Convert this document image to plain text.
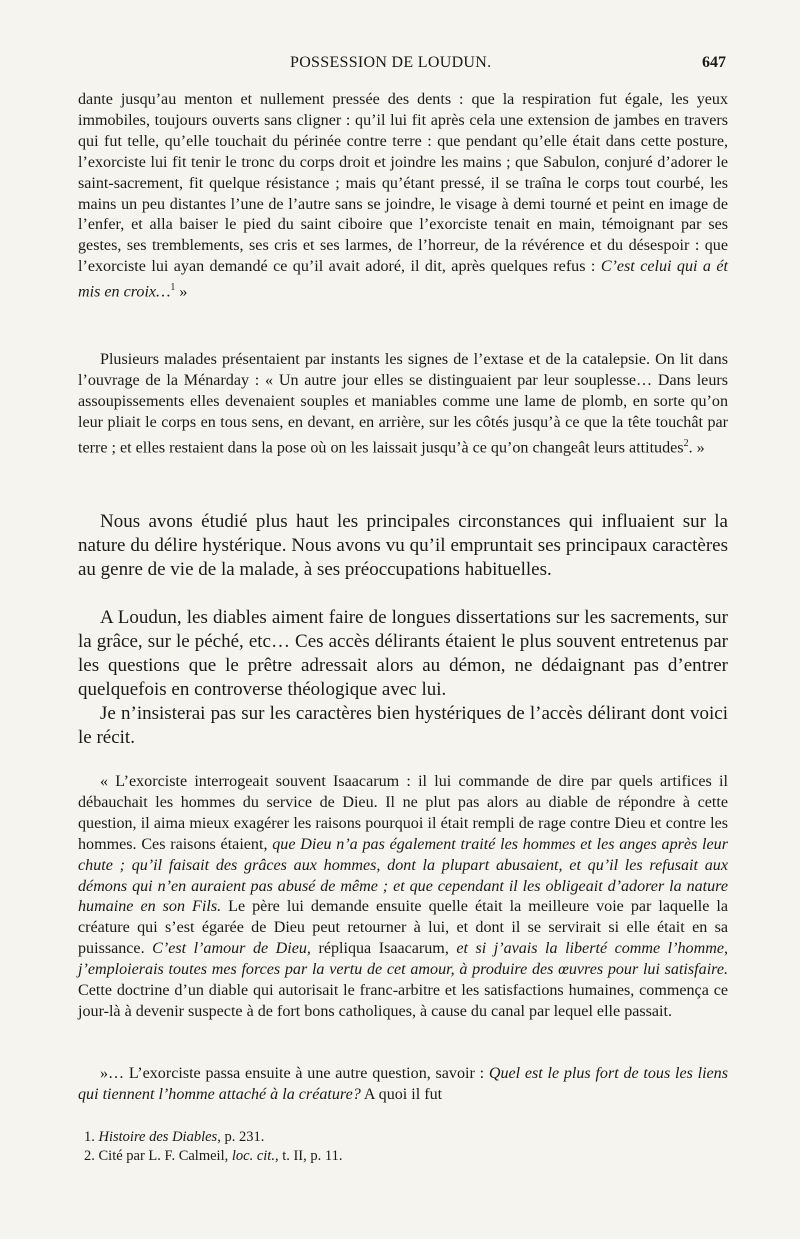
POSSESSION DE LOUDUN.	647

dante jusqu’au menton et nullement pressée des dents : que la respiration fut égale, les yeux immobiles, toujours ouverts sans cligner : qu’il lui fit après cela une extension de jambes en travers qui fut telle, qu’elle touchait du périnée contre terre : que pendant qu’elle était dans cette posture, l’exorciste lui fit tenir le tronc du corps droit et joindre les mains ; que Sabulon, conjuré d’adorer le saint-sacrement, fit quelque résistance ; mais qu’étant pressé, il se traîna le corps tout courbé, les mains un peu distantes l’une de l’autre sans se joindre, le visage à demi tourné et peint en image de l’enfer, et alla baiser le pied du saint ciboire que l’exorciste tenait en main, témoignant par ses gestes, ses tremblements, ses cris et ses larmes, de l’horreur, de la révérence et du désespoir : que l’exorciste lui ayan demandé ce qu’il avait adoré, il dit, après quelques refus : C’est celui qui a ét mis en croix…$^1$ »

Plusieurs malades présentaient par instants les signes de l’extase et de la catalepsie. On lit dans l’ouvrage de la Ménarday : « Un autre jour elles se distinguaient par leur souplesse… Dans leurs assoupissements elles devenaient souples et maniables comme une lame de plomb, en sorte qu’on leur pliait le corps en tous sens, en devant, en arrière, sur les côtés jusqu’à ce que la tête touchât par terre ; et elles restaient dans la pose où on les laissait jusqu’à ce qu’on changeât leurs attitudes$^2$. »

Nous avons étudié plus haut les principales circonstances qui influaient sur la nature du délire hystérique. Nous avons vu qu’il empruntait ses principaux caractères au genre de vie de la malade, à ses préoccupations habituelles.

A Loudun, les diables aiment faire de longues dissertations sur les sacrements, sur la grâce, sur le péché, etc… Ces accès délirants étaient le plus souvent entretenus par les questions que le prêtre adressait alors au démon, ne dédaignant pas d’entrer quelquefois en controverse théologique avec lui.

Je n’insisterai pas sur les caractères bien hystériques de l’accès délirant dont voici le récit.

« L’exorciste interrogeait souvent Isaacarum : il lui commande de dire par quels artifices il débauchait les hommes du service de Dieu. Il ne plut pas alors au diable de répondre à cette question, il aima mieux exagérer les raisons pourquoi il était rempli de rage contre Dieu et contre les hommes. Ces raisons étaient, que Dieu n’a pas également traité les hommes et les anges après leur chute ; qu’il faisait des grâces aux hommes, dont la plupart abusaient, et qu’il les refusait aux démons qui n’en auraient pas abusé de même ; et que cependant il les obligeait d’adorer la nature humaine en son Fils. Le père lui demande ensuite quelle était la meilleure voie par laquelle la créature qui s’est égarée de Dieu peut retourner à lui, et dont il se servirait si elle était en sa puissance. C’est l’amour de Dieu, répliqua Isaacarum, et si j’avais la liberté comme l’homme, j’emploierais toutes mes forces par la vertu de cet amour, à produire des œuvres pour lui satisfaire. Cette doctrine d’un diable qui autorisait le franc-arbitre et les satisfactions humaines, commença ce jour-là à devenir suspecte à de fort bons catholiques, à cause du canal par lequel elle passait.

»… L’exorciste passa ensuite à une autre question, savoir : Quel est le plus fort de tous les liens qui tiennent l’homme attaché à la créature? A quoi il fut

1. Histoire des Diables, p. 231.

2. Cité par L. F. Calmeil, loc. cit., t. II, p. 11.
